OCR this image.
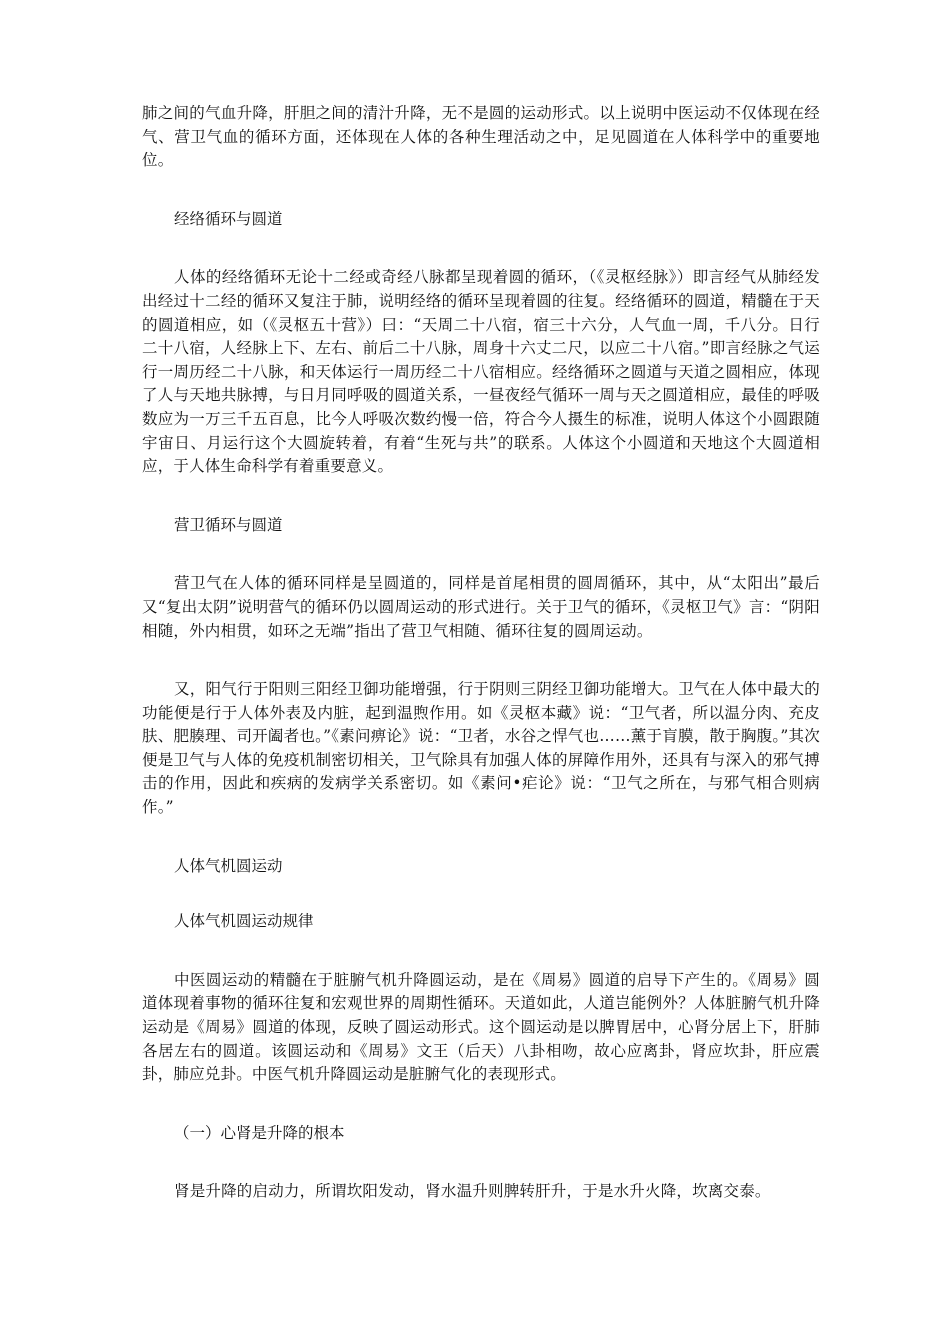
肺之间的气血升降，肝胆之间的清汁升降，无不是圆的运动形式。以上说明中医运动不仅体现在经气、营卫气血的循环方面，还体现在人体的各种生理活动之中，足见圆道在人体科学中的重要地位。

经络循环与圆道

人体的经络循环无论十二经或奇经八脉都呈现着圆的循环，（《灵枢经脉》）即言经气从肺经发出经过十二经的循环又复注于肺，说明经络的循环呈现着圆的往复。经络循环的圆道，精髓在于天的圆道相应，如（《灵枢五十营》）曰：“天周二十八宿，宿三十六分，人气血一周，千八分。日行二十八宿，人经脉上下、左右、前后二十八脉，周身十六丈二尺，以应二十八宿。”即言经脉之气运行一周历经二十八脉，和天体运行一周历经二十八宿相应。经络循环之圆道与天道之圆相应，体现了人与天地共脉搏，与日月同呼吸的圆道关系，一昼夜经气循环一周与天之圆道相应，最佳的呼吸数应为一万三千五百息，比今人呼吸次数约慢一倍，符合今人摄生的标准，说明人体这个小圆跟随宇宙日、月运行这个大圆旋转着，有着“生死与共”的联系。人体这个小圆道和天地这个大圆道相应，于人体生命科学有着重要意义。

营卫循环与圆道

营卫气在人体的循环同样是呈圆道的，同样是首尾相贯的圆周循环，其中，从“太阳出”最后又“复出太阴”说明营气的循环仍以圆周运动的形式进行。关于卫气的循环，《灵枢卫气》言：“阴阳相随，外内相贯，如环之无端”指出了营卫气相随、循环往复的圆周运动。

又，阳气行于阳则三阳经卫御功能增强，行于阴则三阴经卫御功能增大。卫气在人体中最大的功能便是行于人体外表及内脏，起到温煦作用。如《灵枢本藏》说：“卫气者，所以温分肉、充皮肤、肥腠理、司开阖者也。”《素问痹论》说：“卫者，水谷之悍气也……薰于肓膜，散于胸腹。”其次便是卫气与人体的免疫机制密切相关，卫气除具有加强人体的屏障作用外，还具有与深入的邪气搏击的作用，因此和疾病的发病学关系密切。如《素问•疟论》说：“卫气之所在，与邪气相合则病作。”

人体气机圆运动

人体气机圆运动规律

中医圆运动的精髓在于脏腑气机升降圆运动，是在《周易》圆道的启导下产生的。《周易》圆道体现着事物的循环往复和宏观世界的周期性循环。天道如此，人道岂能例外？人体脏腑气机升降运动是《周易》圆道的体现，反映了圆运动形式。这个圆运动是以脾胃居中，心肾分居上下，肝肺各居左右的圆道。该圆运动和《周易》文王（后天）八卦相吻，故心应离卦，肾应坎卦，肝应震卦，肺应兑卦。中医气机升降圆运动是脏腑气化的表现形式。

（一）心肾是升降的根本

肾是升降的启动力，所谓坎阳发动，肾水温升则脾转肝升，于是水升火降，坎离交泰。
